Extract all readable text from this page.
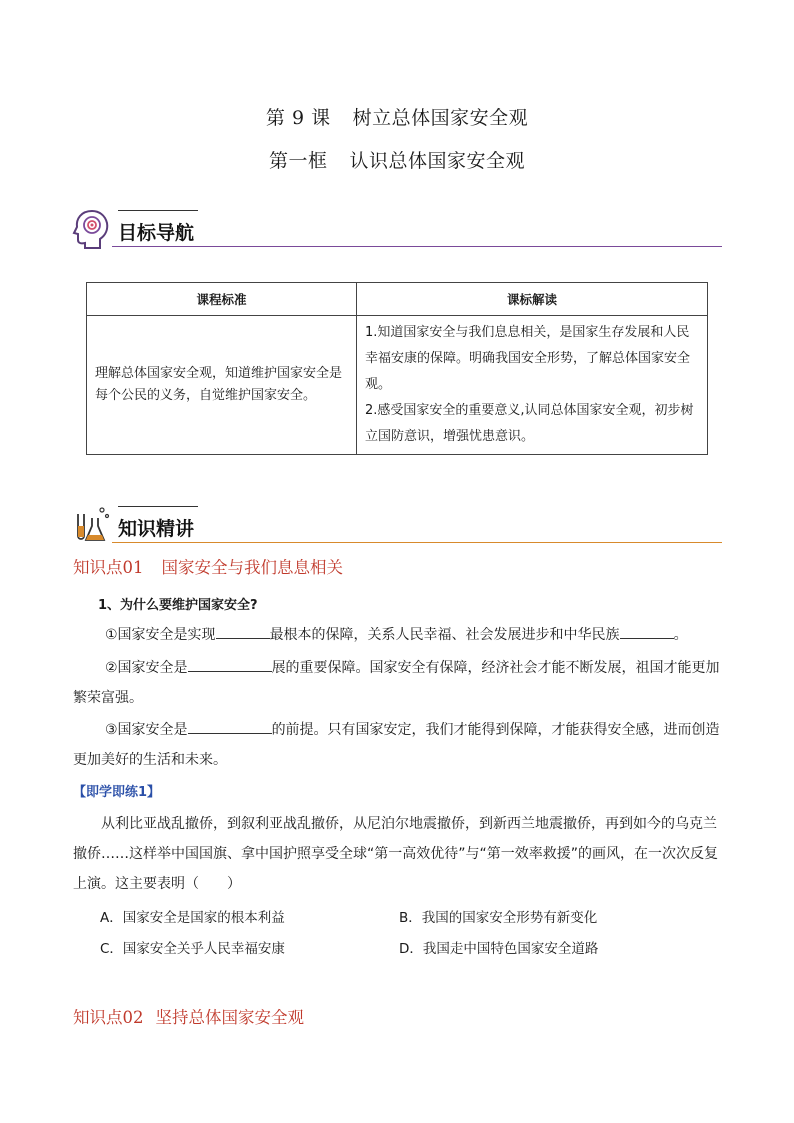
第 9 课 树立总体国家安全观
第一框 认识总体国家安全观
目标导航
课程标准	课标解读
理解总体国家安全观，知道维护国家安全是每个公民的义务，自觉维护国家安全。	1.知道国家安全与我们息息相关，是国家生存发展和人民幸福安康的保障。明确我国安全形势，了解总体国家安全观。
2.感受国家安全的重要意义,认同总体国家安全观，初步树立国防意识，增强忧患意识。
知识精讲
知识点01 国家安全与我们息息相关
1、为什么要维护国家安全?
①国家安全是实现	最根本的保障，关系人民幸福、社会发展进步和中华民族	。
②国家安全是	展的重要保障。国家安全有保障，经济社会才能不断发展，祖国才能更加繁荣富强。
③国家安全是	的前提。只有国家安定，我们才能得到保障，才能获得安全感，进而创造更加美好的生活和未来。
【即学即练1】
从利比亚战乱撤侨，到叙利亚战乱撤侨，从尼泊尔地震撤侨，到新西兰地震撤侨，再到如今的乌克兰撤侨……这样举中国国旗、拿中国护照享受全球“第一高效优待”与“第一效率救援”的画风，在一次次反复上演。这主要表明（　　）
A．国家安全是国家的根本利益	B．我国的国家安全形势有新变化
C．国家安全关乎人民幸福安康	D．我国走中国特色国家安全道路
知识点02 坚持总体国家安全观
